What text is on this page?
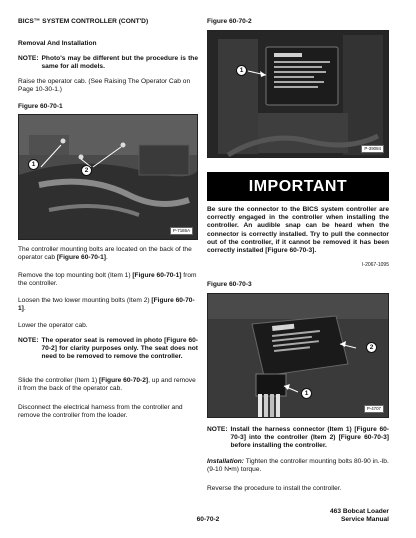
BICS™ SYSTEM CONTROLLER (CONT'D)
Removal And Installation
NOTE: Photo's may be different but the procedure is the same for all models.
Raise the operator cab. (See Raising The Operator Cab on Page 10-30-1.)
Figure 60-70-1
1
2
P-7186A
The controller mounting bolts are located on the back of the operator cab [Figure 60-70-1].
Remove the top mounting bolt (Item 1) [Figure 60-70-1] from the controller.
Loosen the two lower mounting bolts (Item 2) [Figure 60-70-1].
Lower the operator cab.
NOTE: The operator seat is removed in photo [Figure 60-70-2] for clarity purposes only. The seat does not need to be removed to remove the controller.
Slide the controller (Item 1) [Figure 60-70-2], up and remove it from the back of the operator cab.
Disconnect the electrical harness from the controller and remove the controller from the loader.
Figure 60-70-2
1
P-39084
IMPORTANT
Be sure the connector to the BICS system controller are correctly engaged in the controller when installing the controller. An audible snap can be heard when the connector is correctly installed. Try to pull the connector out of the controller, if it cannot be removed it has been correctly installed [Figure 60-70-3].
I-2067-1095
Figure 60-70-3
2
1
P-4707
NOTE: Install the harness connector (Item 1) [Figure 60-70-3] into the controller (Item 2) [Figure 60-70-3] before installing the controller.
Installation: Tighten the controller mounting bolts 80-90 in.-lb. (9-10 N•m) torque.
Reverse the procedure to install the controller.
60-70-2
463 Bobcat Loader
Service Manual
